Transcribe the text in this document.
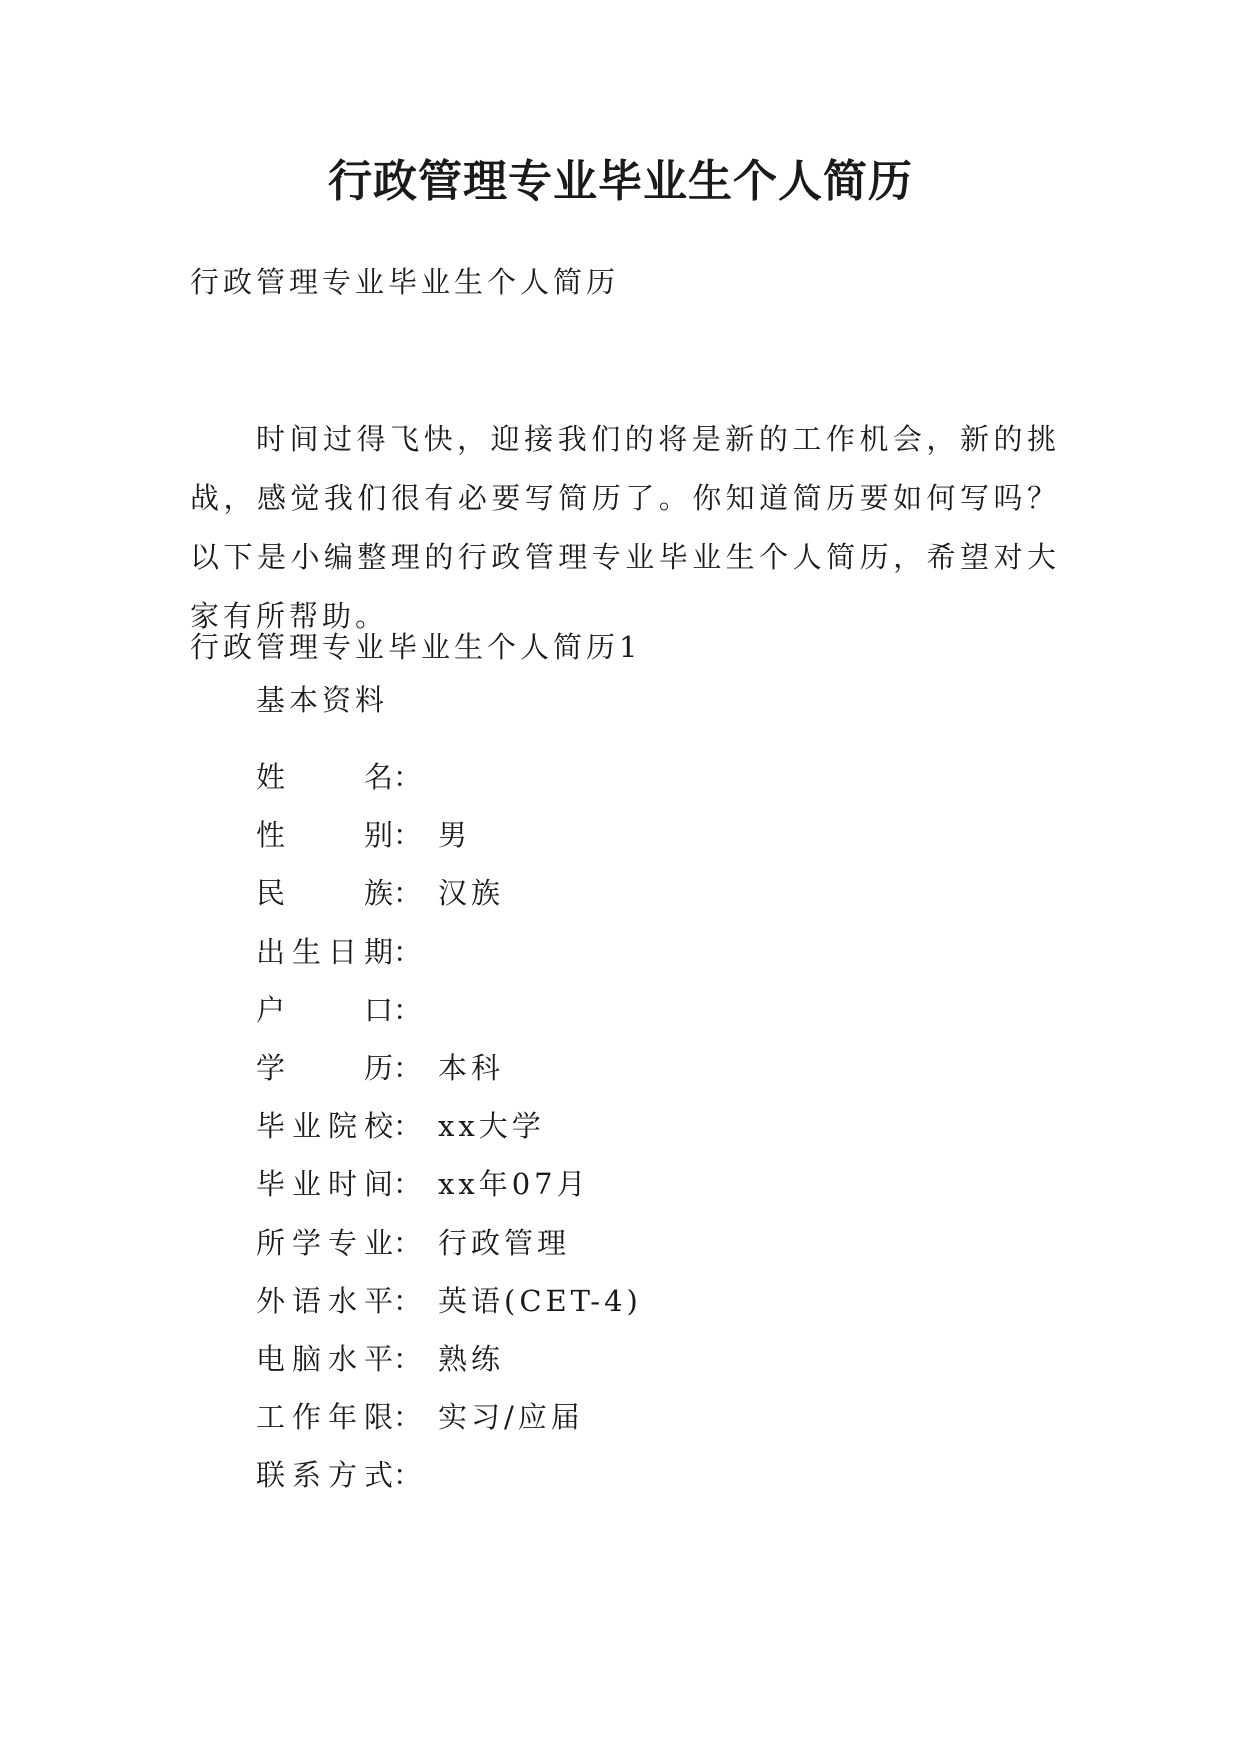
行政管理专业毕业生个人简历
行政管理专业毕业生个人简历
时间过得飞快，迎接我们的将是新的工作机会，新的挑战，感觉我们很有必要写简历了。你知道简历要如何写吗？以下是小编整理的行政管理专业毕业生个人简历，希望对大家有所帮助。
行政管理专业毕业生个人简历1
基本资料
姓名 ：
性别 ： 男
民族 ： 汉族
出生日期 ：
户口 ：
学历 ： 本科
毕业院校 ： xx大学
毕业时间 ： xx年07月
所学专业 ： 行政管理
外语水平 ： 英语(CET-4)
电脑水平 ： 熟练
工作年限 ： 实习/应届
联系方式 ：
